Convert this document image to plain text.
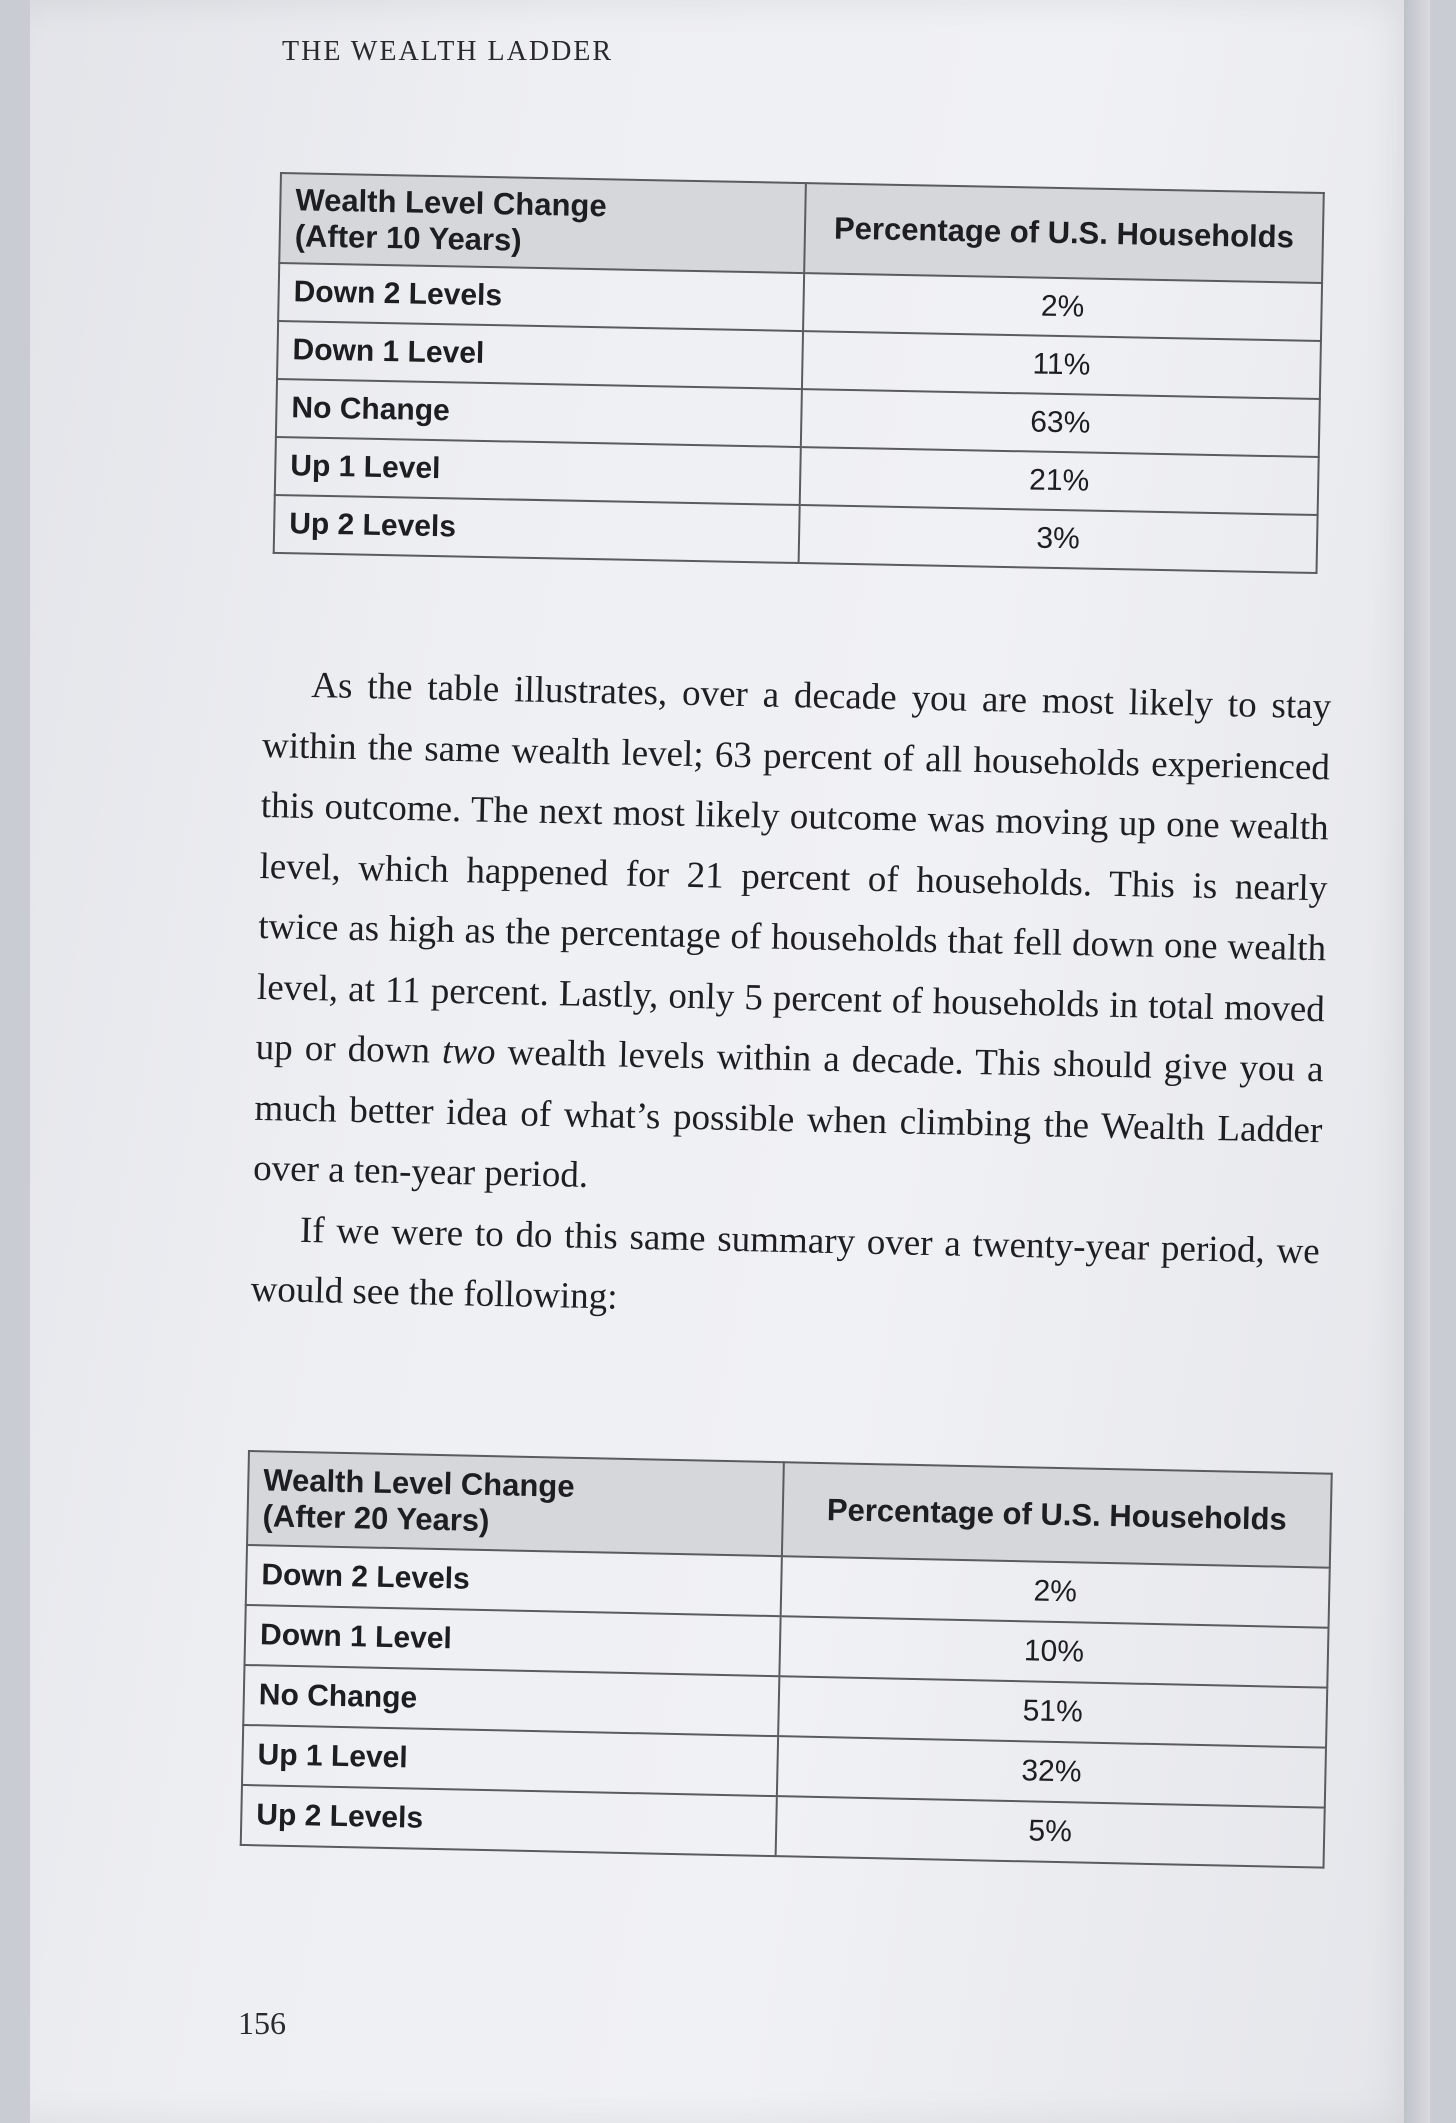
THE WEALTH LADDER
Wealth Level Change
(After 10 Years)	Percentage of U.S. Households
Down 2 Levels	2%
Down 1 Level	11%
No Change	63%
Up 1 Level	21%
Up 2 Levels	3%

As the table illustrates, over a decade you are most likely to stay within the same wealth level; 63 percent of all households experienced this outcome. The next most likely outcome was moving up one wealth level, which happened for 21 percent of households. This is nearly twice as high as the percentage of households that fell down one wealth level, at 11 percent. Lastly, only 5 percent of households in total moved up or down two wealth levels within a decade. This should give you a much better idea of what’s possible when climbing the Wealth Ladder over a ten-year period.

If we were to do this same summary over a twenty-year period, we would see the following:

Wealth Level Change
(After 20 Years)	Percentage of U.S. Households
Down 2 Levels	2%
Down 1 Level	10%
No Change	51%
Up 1 Level	32%
Up 2 Levels	5%
156
